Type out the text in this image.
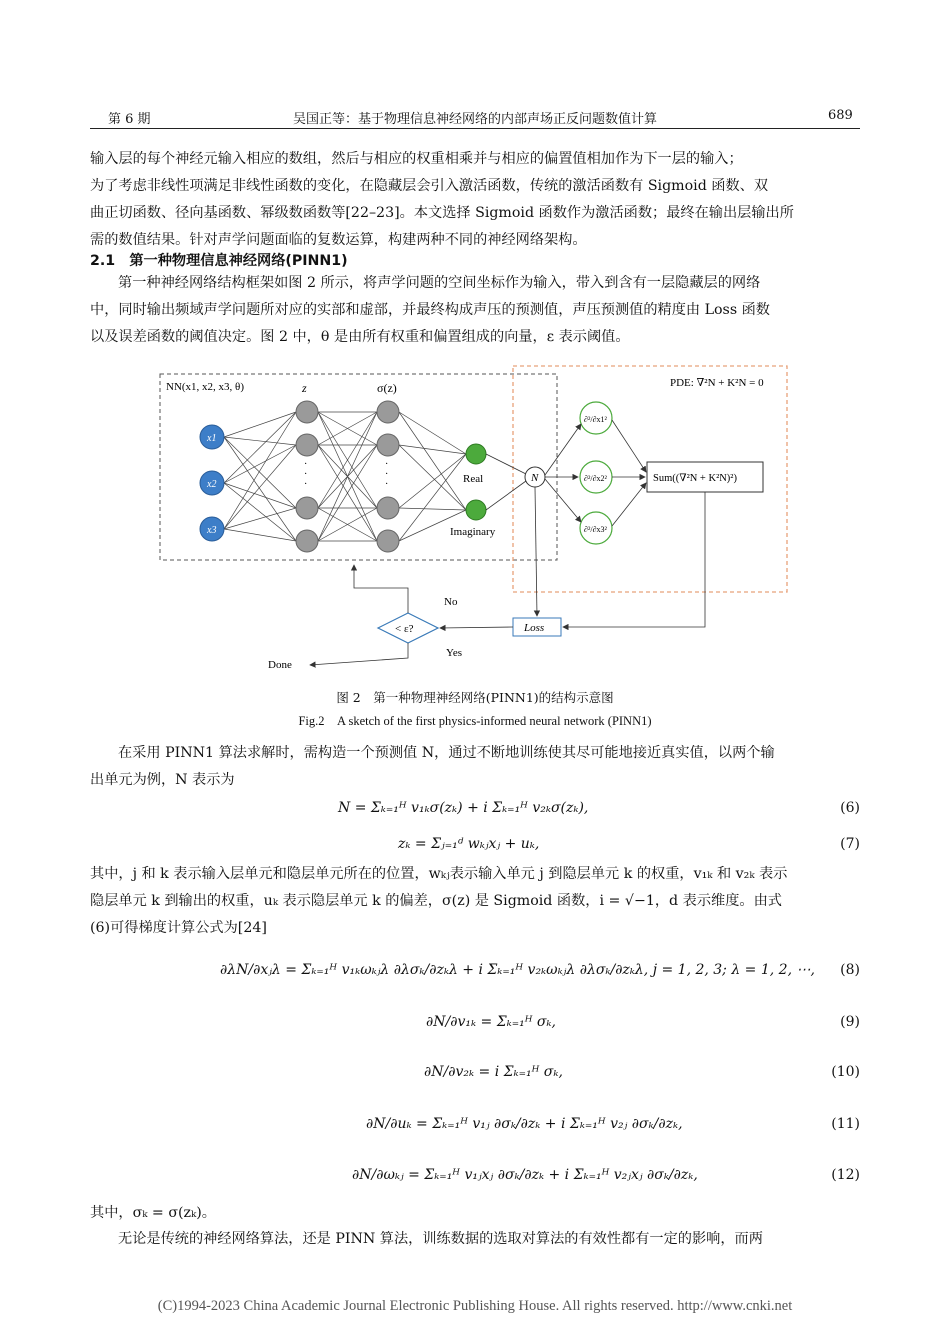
第 6 期	吴国正等：基于物理信息神经网络的内部声场正反问题数值计算	689

输入层的每个神经元输入相应的数组，然后与相应的权重相乘并与相应的偏置值相加作为下一层的输入；

为了考虑非线性项满足非线性函数的变化，在隐藏层会引入激活函数，传统的激活函数有 Sigmoid 函数、双

曲正切函数、径向基函数、幂级数函数等[22–23]。本文选择 Sigmoid 函数作为激活函数；最终在输出层输出所

需的数值结果。针对声学问题面临的复数运算，构建两种不同的神经网络架构。

2.1　第一种物理信息神经网络(PINN1)

第一种神经网络结构框架如图 2 所示，将声学问题的空间坐标作为输入，带入到含有一层隐藏层的网络

中，同时输出频域声学问题所对应的实部和虚部，并最终构成声压的预测值，声压预测值的精度由 Loss 函数

以及误差函数的阈值决定。图 2 中，θ 是由所有权重和偏置组成的向量，ε 表示阈值。

NN(x1, x2, x3, θ)	PDE: ∇²N + K²N = 0
z	σ(z)
x1
x2
x3
·
·
·
·
·
·	Real
Imaginary
N
∂²/∂x1²
∂²/∂x2²
∂²/∂x3²
Sum((∇²N + K²N)²)
Loss
< ε?
No
Yes
Done
图 2　第一种物理神经网络(PINN1)的结构示意图
Fig.2　A sketch of the first physics-informed neural network (PINN1)

在采用 PINN1 算法求解时，需构造一个预测值 N，通过不断地训练使其尽可能地接近真实值，以两个输

出单元为例，N 表示为

N = Σₖ₌₁ᴴ v₁ₖσ(zₖ) + i Σₖ₌₁ᴴ v₂ₖσ(zₖ),	(6)
zₖ = Σⱼ₌₁ᵈ wₖⱼxⱼ + uₖ,	(7)

其中，j 和 k 表示输入层单元和隐层单元所在的位置，wₖⱼ表示输入单元 j 到隐层单元 k 的权重，v₁ₖ 和 v₂ₖ 表示

隐层单元 k 到输出的权重，uₖ 表示隐层单元 k 的偏差，σ(z) 是 Sigmoid 函数，i = √−1，d 表示维度。由式

(6)可得梯度计算公式为[24]

∂λN/∂xⱼλ = Σₖ₌₁ᴴ v₁ₖωₖⱼλ ∂λσₖ/∂zₖλ + i Σₖ₌₁ᴴ v₂ₖωₖⱼλ ∂λσₖ/∂zₖλ, j = 1, 2, 3; λ = 1, 2, ⋯, (8)
∂N/∂v₁ₖ = Σₖ₌₁ᴴ σₖ,	(9)
∂N/∂v₂ₖ = i Σₖ₌₁ᴴ σₖ,	(10)
∂N/∂uₖ = Σₖ₌₁ᴴ v₁ⱼ ∂σₖ/∂zₖ + i Σₖ₌₁ᴴ v₂ⱼ ∂σₖ/∂zₖ,	(11)
∂N/∂ωₖⱼ = Σₖ₌₁ᴴ v₁ⱼxⱼ ∂σₖ/∂zₖ + i Σₖ₌₁ᴴ v₂ⱼxⱼ ∂σₖ/∂zₖ,	(12)
其中，σₖ = σ(zₖ)。
无论是传统的神经网络算法，还是 PINN 算法，训练数据的选取对算法的有效性都有一定的影响，而两
(C)1994-2023 China Academic Journal Electronic Publishing House. All rights reserved. http://www.cnki.net
